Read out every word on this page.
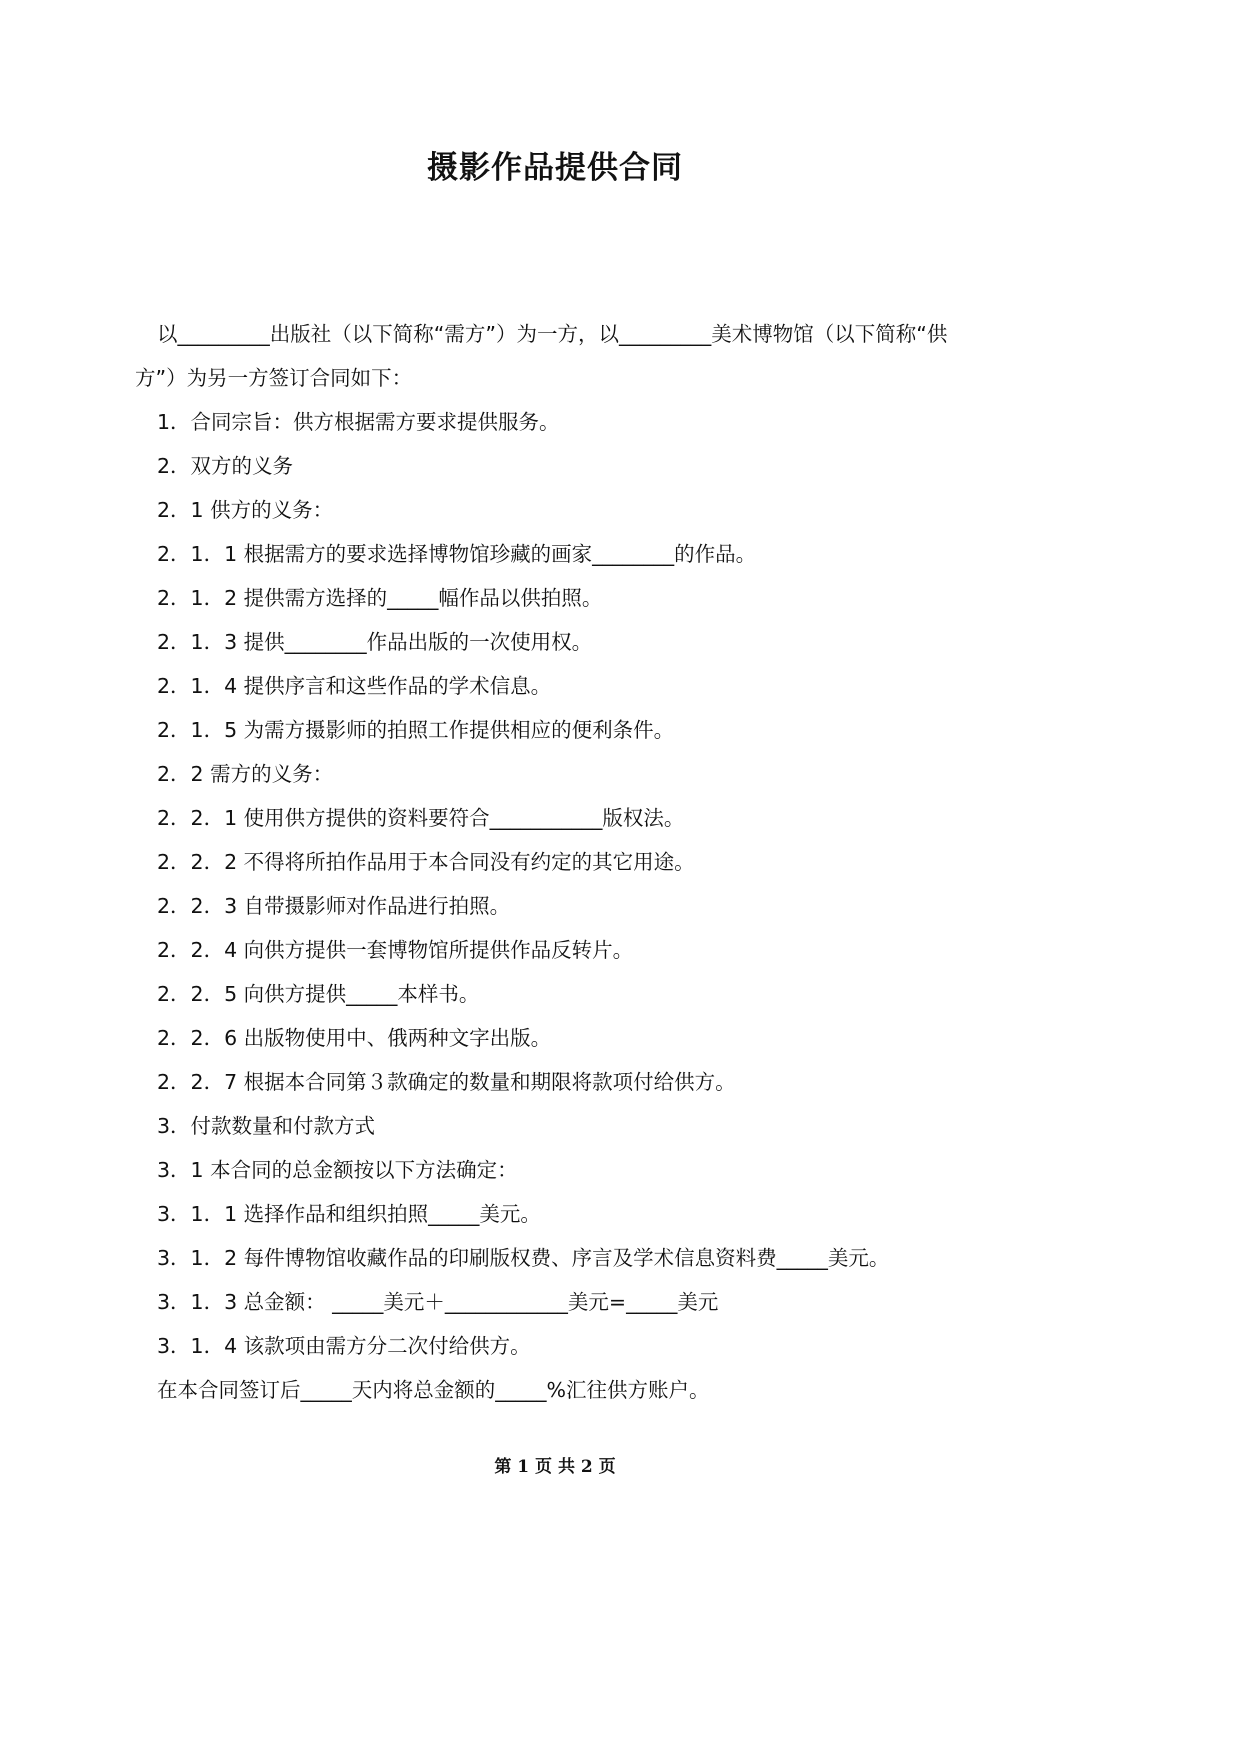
摄影作品提供合同

以_________出版社（以下简称“需方”）为一方，以_________美术博物馆（以下简称“供方”）为另一方签订合同如下：

1．合同宗旨：供方根据需方要求提供服务。

2．双方的义务

2．1 供方的义务：

2．1．1 根据需方的要求选择博物馆珍藏的画家________的作品。

2．1．2 提供需方选择的_____幅作品以供拍照。

2．1．3 提供________作品出版的一次使用权。

2．1．4 提供序言和这些作品的学术信息。

2．1．5 为需方摄影师的拍照工作提供相应的便利条件。

2．2 需方的义务：

2．2．1 使用供方提供的资料要符合___________版权法。

2．2．2 不得将所拍作品用于本合同没有约定的其它用途。

2．2．3 自带摄影师对作品进行拍照。

2．2．4 向供方提供一套博物馆所提供作品反转片。

2．2．5 向供方提供_____本样书。

2．2．6 出版物使用中、俄两种文字出版。

2．2．7 根据本合同第３款确定的数量和期限将款项付给供方。

3．付款数量和付款方式

3．1 本合同的总金额按以下方法确定：

3．1．1 选择作品和组织拍照_____美元。

3．1．2 每件博物馆收藏作品的印刷版权费、序言及学术信息资料费_____美元。

3．1．3 总金额： _____美元＋____________美元=_____美元

3．1．4 该款项由需方分二次付给供方。

在本合同签订后_____天内将总金额的_____%汇往供方账户。

第 1 页 共 2 页
